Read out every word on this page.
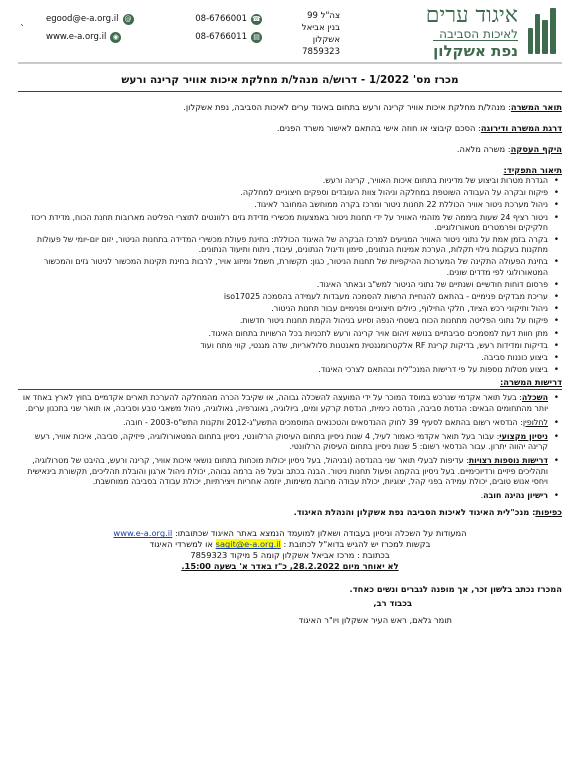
איגוד ערים
לאיכות הסביבה
נפת אשקלון
צה"ל 99
בנין אביאל אשקלון
7859323
08-6766001 ☎
08-6766011 ▤
egood@e-a.org.il @
www.e-a.org.il ◉
ˋ
מכרז מס' 1/2022 - דרוש/ה מנהל/ת מחלקת איכות אוויר קרינה ורעש

תואר המשרה: מנהל/ת מחלקת איכות אוויר קרינה ורעש בתחום באיגוד ערים לאיכות הסביבה, נפת אשקלון.

דרגת המשרה ודירוגה: הסכם קיבוצי או חוזה אישי בהתאם לאישור משרד הפנים.

היקף העסקה: משרה מלאה.

תיאור התפקיד:

• הגדרת מטרות וביצוע של מדיניות בתחום איכות האוויר, קרינה ורעש.
• פיקוח ובקרה על העבודה השוטפת במחלקה וניהול צוות העובדים וספקים חיצוניים למחלקה.
• ניהול מערכת ניטור אוויר הכוללת 22 תחנות ניטור ומרכז בקרה ממוחשב המחובר לאיגוד.
• ניטור רציף 24 שעות ביממה של מזהמי האוויר על ידי תחנות ניטור באמצעות מכשירי מדידת גזים רלוונטים לתוצרי הפליטה מארובות תחנת הכוח, מדידת ריכוז חלקיקים ופרמטרים מטאורולוגיים.
• בקרה בזמן אמת על נתוני ניטור האוויר המגיעים למרכז הבקרה של האיגוד הכוללת: בחינת פעולת מכשירי המדידה בתחנות הניטור, יזום יום-יומי של פעולות מתקנות בעקבות גילוי תקלות, הערכת אמינות הנתונים, סימון ודיגול הנתונים, עיבוד, ניתוח ותיעוד הנתונים.
• בחינת הפעולה התקינה של המערכות ההיקפיות של תחנות הניטור, כגון: תקשורת, חשמל ומיזוג אויר, לרבות בחינת תקינות המכשור לניטור גזים והמכשור המטאורולוגי לפי מדדים שונים.
• פרסום דוחות חודשיים ושנתיים של נתוני הניטור למש"ב ובאתר האיגוד.
• עריכת מבדקים פנימיים - בהתאם להנחיית הרשות להסמכה מעבדות לעמידה בהסמכה iso17025
• ניהול ותיקוני רכש הציוד, חלקי החילוף, כיולים חיצוניים ופנימיים עבור תחנות הניטור.
• פיקוח על נתוני הפליטה מתחנות הכוח בשטחי הנפה וסיוע בניהול הקמת תחנות ניטור חדשות.
• מתן חוות דעת למסמכים סביבתיים בנושא זיהום אויר קרינה ורעש לתכניות בכל הרשויות בתחום האיגוד.
• בדיקות ומדידות רעש, בדיקות קרינת RF אלקטרומגנטית מאנטנות סלולאריות, שדה מגנטי, קווי מתח ועוד
• ביצוע כוננות סביבה.
• ביצוע מטלות נוספות על פי דרישות המנכ"לית ובהתאם לצרכי האיגוד.

דרישות המשרה:

• השכלה: בעל תואר אקדמי שנרכש במוסד המוכר על ידי המועצה להשכלה גבוהה, או שקיבל הכרה מהמחלקה להערכת תארים אקדמיים בחוץ לארץ באחד או יותר מהתחומים הבאים: הנדסת סביבה, הנדסה כימית, הנדסת קרקע ומים, ביולוגיה, גאוגרפיה, גאולוגיה, ניהול משאבי טבע וסביבה, או תואר שני בתכנון ערים.
• לחלופין: הנדסאי רשום בהתאם לסעיף 39 לחוק ההנדסאים והטכנאים המוסמכים התשע"ג-2012 ותקנות התש"ס-2003 - חובה.
• ניסיון מקצועי: עבור בעל תואר אקדמי כאמור לעיל, 4 שנות ניסיון בתחום העיסוק הרלוונטי, ניסיון בתחום המטאורולוגיה, פיזיקה, סביבה, איכות אוויר, רעש קרינה יהווה יתרון. עבור הנדסאי רשום: 5 שנות ניסיון בתחום העיסוק הרלוונטי.
• דרישות נוספות רצויות: עדיפות לבעלי תואר שני בהנדסה (ובניהול, בעל ניסיון יכולות מוכחות בתחום נושאי איכות אוויר, קרינה ורעש, בהיבט של מטרולוגיה, ותהליכים פיזיים ורדיוכימיים. בעל ניסיון בהקמה ופעול תחנות ניטור. הבנה בכתב ובעל פה ברמה גבוהה, יכולת ניהול ארגון והובלת תהליכים, תקשורת בינאישית ויחסי אנוש טובים, יכולת עמידה בפני קהל, יצוגיות, יכולת עבודה מרובת משימות, יוזמה אחריות ויצירתיות, יכולת עבודה בסביבה ממוחשבת.
• רישיון נהיגה חובה.

כפיפות: מנכ"לית האיגוד לאיכות הסביבה נפת אשקלון והנהלת האיגוד.

המעודות על השכלה וניסיון בעבודה ושאלון למועמד הנמצא באתר האיגוד שכתובתו: www.e-a.org.il

בקשות למכרז יש להגיש בדוא"ל לכתובת : sagit@e-a.org.il או למשרדי האיגוד

בכתובת : מרכז אביאל אשקלון קומה 5 מיקוד 7859323

לא יאוחר מיום 28.2.2022, כ"ז באדר א' בשעה 15:00.

המכרז נכתב בלשון זכר, אך מופנה לגברים ונשים כאחד.

בכבוד רב,

תומר גלאם, ראש העיר אשקלון ויו"ר האיגוד
